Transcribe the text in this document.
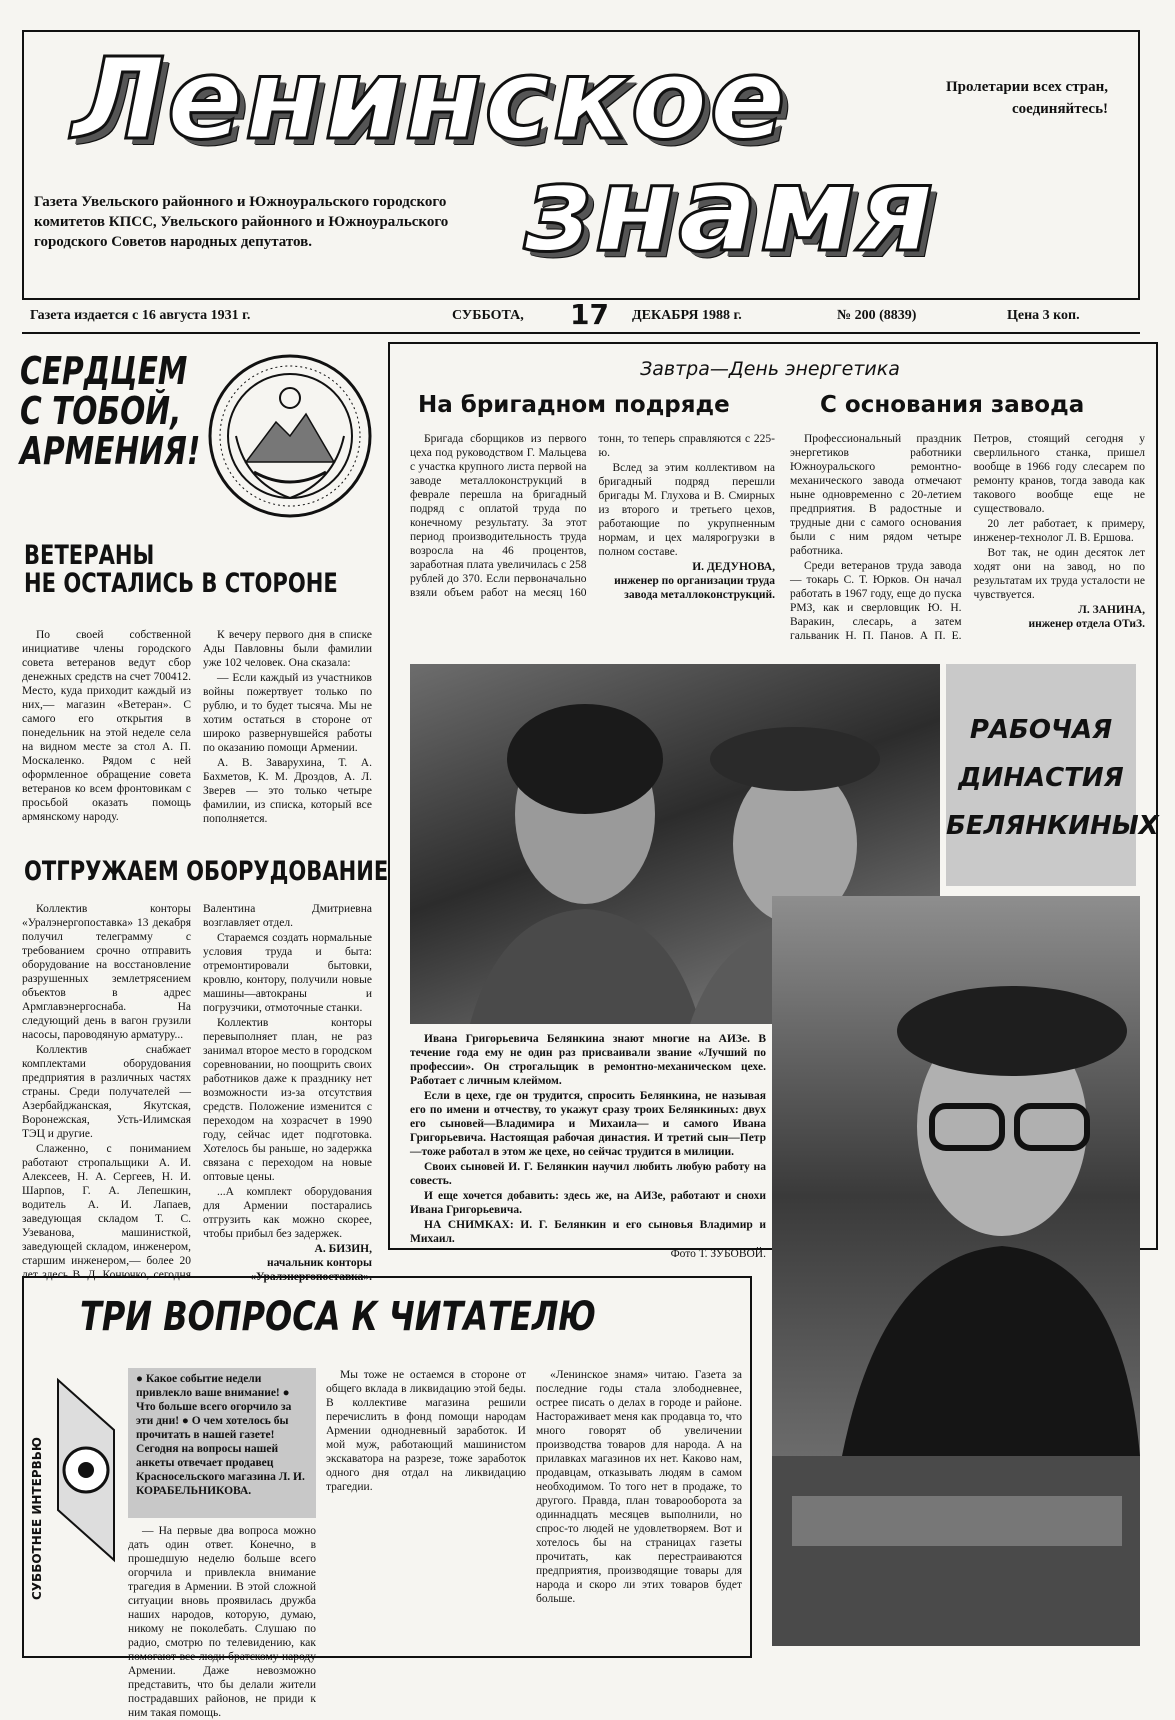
Ленинское
знамя
Пролетарии всех стран,
соединяйтесь!
Газета Увельского районного и Южноуральского городского комитетов КПСС, Увельского районного и Южноуральского городского Советов народных депутатов.
Газета издается с 16 августа 1931 г.	СУББОТА, 17 ДЕКАБРЯ 1988 г.	№ 200 (8839)	Цена 3 коп.
СЕРДЦЕМ
С ТОБОЙ,
АРМЕНИЯ!
ВЕТЕРАНЫ
НЕ ОСТАЛИСЬ В СТОРОНЕ

По своей собственной инициативе члены городского совета ветеранов ведут сбор денежных средств на счет 700412. Место, куда приходит каждый из них,— магазин «Ветеран». С самого его открытия в понедельник на этой неделе села на видном месте за стол А. П. Москаленко. Рядом с ней оформленное обращение совета ветеранов ко всем фронтовикам с просьбой оказать помощь армянскому народу.

К вечеру первого дня в списке Ады Павловны были фамилии уже 102 человек. Она сказала:

— Если каждый из участников войны пожертвует только по рублю, и то будет тысяча. Мы не хотим остаться в стороне от широко развернувшейся работы по оказанию помощи Армении.

А. В. Заварухина, Т. А. Бахметов, К. М. Дроздов, А. Л. Зверев — это только четыре фамилии, из списка, который все пополняется.

ОТГРУЖАЕМ ОБОРУДОВАНИЕ

Коллектив конторы «Уралэнергопоставка» 13 декабря получил телеграмму с требованием срочно отправить оборудование на восстановление разрушенных землетрясением объектов в адрес Армглавэнергоснаба. На следующий день в вагон грузили насосы, пароводяную арматуру...

Коллектив снабжает комплектами оборудования предприятия в различных частях страны. Среди получателей — Азербайджанская, Якутская, Воронежская, Усть-Илимская ТЭЦ и другие.

Слаженно, с пониманием работают стропальщики А. И. Алексеев, Н. А. Сергеев, Н. И. Шарпов, Г. А. Лепешкин, водитель А. И. Лапаев, заведующая складом Т. С. Узеванова, машинисткой, заведующей складом, инженером, старшим инженером,— более 20 лет здесь В. Д. Конючко, сегодня Валентина Дмитриевна возглавляет отдел.

Стараемся создать нормальные условия труда и быта: отремонтировали бытовки, кровлю, контору, получили новые машины—автокраны и погрузчики, отмоточные станки.

Коллектив конторы перевыполняет план, не раз занимал второе место в городском соревновании, но поощрить своих работников даже к празднику нет возможности из-за отсутствия средств. Положение изменится с переходом на хозрасчет в 1990 году, сейчас идет подготовка. Хотелось бы раньше, но задержка связана с переходом на новые оптовые цены.

...А комплект оборудования для Армении постарались отгрузить как можно скорее, чтобы прибыл без задержек.

А. БИЗИН,
начальник конторы «Уралэнергопоставка».
Завтра—День энергетика
На бригадном подряде	С основания завода

Бригада сборщиков из первого цеха под руководством Г. Мальцева с участка крупного листа первой на заводе металлоконструкций в феврале перешла на бригадный подряд с оплатой труда по конечному результату. За этот период производительность труда возросла на 46 процентов, заработная плата увеличилась с 258 рублей до 370. Если первоначально взяли объем работ на месяц 160 тонн, то теперь справляются с 225-ю.

Вслед за этим коллективом на бригадный подряд перешли бригады М. Глухова и В. Смирных из второго и третьего цехов, работающие по укрупненным нормам, и цех малярогрузки в полном составе.

И. ДЕДУНОВА,
инженер по организации труда завода металлоконструкций.

Профессиональный праздник энергетиков работники Южноуральского ремонтно-механического завода отмечают ныне одновременно с 20-летием предприятия. В радостные и трудные дни с самого основания были с ним рядом четыре работника.

Среди ветеранов труда завода — токарь С. Т. Юрков. Он начал работать в 1967 году, еще до пуска РМЗ, как и сверловщик Ю. Н. Варакин, слесарь, а затем гальваник Н. П. Панов. А П. Е. Петров, стоящий сегодня у сверлильного станка, пришел вообще в 1966 году слесарем по ремонту кранов, тогда завода как такового вообще еще не существовало.

20 лет работает, к примеру, инженер-технолог Л. В. Ершова.

Вот так, не один десяток лет ходят они на завод, но по результатам их труда усталости не чувствуется.

Л. ЗАНИНА,
инженер отдела ОТиЗ.
РАБОЧАЯ
ДИНАСТИЯ
БЕЛЯНКИНЫХ

Ивана Григорьевича Белянкина знают многие на АИЗе. В течение года ему не один раз присваивали звание «Лучший по профессии». Он строгальщик в ремонтно-механическом цехе. Работает с личным клеймом.

Если в цехе, где он трудится, спросить Белянкина, не называя его по имени и отчеству, то укажут сразу троих Белянкиных: двух его сыновей—Владимира и Михаила— и самого Ивана Григорьевича. Настоящая рабочая династия. И третий сын—Петр—тоже работал в этом же цехе, но сейчас трудится в милиции.

Своих сыновей И. Г. Белянкин научил любить любую работу на совесть.

И еще хочется добавить: здесь же, на АИЗе, работают и снохи Ивана Григорьевича.

НА СНИМКАХ: И. Г. Белянкин и его сыновья Владимир и Михаил.

Фото Т. ЗУБОВОЙ.
ТРИ ВОПРОСА К ЧИТАТЕЛЮ
СУББОТНЕЕ ИНТЕРВЬЮ
● Какое событие недели привлекло ваше внимание! ● Что больше всего огорчило за эти дни! ● О чем хотелось бы прочитать в нашей газете! Сегодня на вопросы нашей анкеты отвечает продавец Красносельского магазина Л. И. КОРАБЕЛЬНИКОВА.

— На первые два вопроса можно дать один ответ. Конечно, в прошедшую неделю больше всего огорчила и привлекла внимание трагедия в Армении. В этой сложной ситуации вновь проявилась дружба наших народов, которую, думаю, никому не поколебать. Слушаю по радио, смотрю по телевидению, как помогают все люди братскому народу Армении. Даже невозможно представить, что бы делали жители пострадавших районов, не приди к ним такая помощь.

Мы тоже не остаемся в стороне от общего вклада в ликвидацию этой беды. В коллективе магазина решили перечислить в фонд помощи народам Армении однодневный заработок. И мой муж, работающий машинистом экскаватора на разрезе, тоже заработок одного дня отдал на ликвидацию трагедии.

«Ленинское знамя» читаю. Газета за последние годы стала злободневнее, острее писать о делах в городе и районе. Настораживает меня как продавца то, что много говорят об увеличении производства товаров для народа. А на прилавках магазинов их нет. Каково нам, продавцам, отказывать людям в самом необходимом. То того нет в продаже, то другого. Правда, план товарооборота за одиннадцать месяцев выполнили, но спрос-то людей не удовлетворяем. Вот и хотелось бы на страницах газеты прочитать, как перестраиваются предприятия, производящие товары для народа и скоро ли этих товаров будет больше.
